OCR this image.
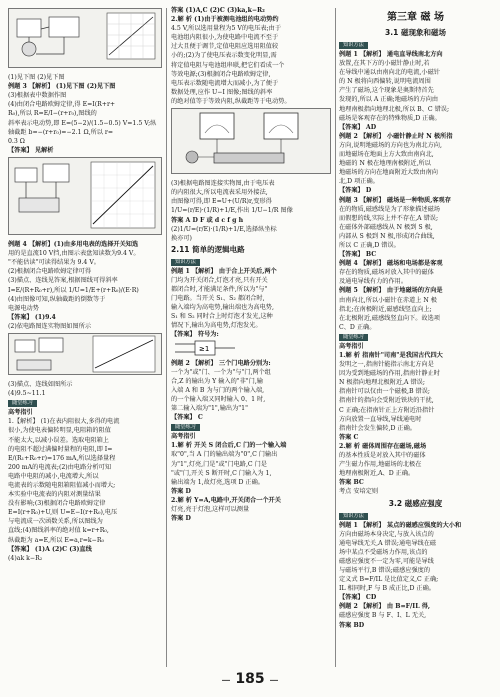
(1)见下图 (2)见下图
例题 3 【解析】 (1)见下图 (2)见下图
(3)根据表中数据作图
(4)由闭合电路欧姆定律,得 E=I(R+r+
R₀),所以 R=E/I−(r+r₀),图线的
斜率表示电动势,即 E=(5−2)/(1.5−0.5) V=1.5 V;纵
轴截距 b=−(r+r₀)=−2.1 Ω,所以 r=
0.3 Ω
【答案】 见解析
例题 4 【解析】(1)由多用电表的选择开关知选
用的是直流10 V挡,由图示表盘知读数为9.4 V。
"不能估读"可读得结果为 9.4 V。
(2)根据闭合电路欧姆定律可得
(3)描点、连线见答案,根据图线可得斜率
I≈E/(R+R₀+r),所以 1/U=1/E+(r+R₀)/(E·R)
(4)由图像可知,纵轴截距的倒数等于
电源电动势
【答案】 (1)9.4
(2)依电路图连实物图如图所示
(3)描点、连线如图所示
(4)9.5~11.1
随堂练习
高考指引
1.【解析】 (1)在表内阻很大,多得的电流
很小,为使电表偏转明显,电阻箱的阻值
不能太大,以减小误差。选取电阻箱上
的电阻不超过满偏时量程的电阻,即 I=
E/(R₁+R₀+r)=176 mA,所以选择量程
200 mA的电流表;(2)由电路分析可知
电路中电阻的减小,电流增大,所以
电流表的示数随电阻箱阻值减小而增大;
本实验中电流表的内阻对测量结果
没有影响;(3)根据闭合电路欧姆定律
E=I(r+R₀)+U,则 U=E−I(r+R₀),电压
与电流成一次函数关系,所以图线为
直线;(4)图线斜率的绝对值 k=r+R₀,
纵截距为 a=E,所以 E=a,r=k−R₀
【答案】 (1)A (2)C (3)直线
(4)ak k−R₂
答案 (1)A,C (2)C (3)ka,k−R₂
2.解 析 (1)由于被测电池组的电动势约
4.5 V,所以选用量程为5 V的电压表;由于
电池组内阻很小,为使电路中电流不至于
过大且便于调节,定值电阻应选用阻值较
小的;(2)为了使电压表示数变化明显,需
将定值电阻与电池组串联,把它们看成一个
等效电源;(3)根据闭合电路欧姆定律,
电压表示数随电流增大而减小,为了便于
数据处理,应作 U−I 图像;图线的斜率
的绝对值等于等效内阻,纵截距等于电动势。
(3)根据电路图连接实物图,由于电压表
的内阻很大,所以电流表采用外接法,
由图像可得,即 E=U+(U/R)r,变形得
1/U=(r/E)·(1/R)+1/E,作出 1/U−1/R 图像
答案 A D F 或 d c f g h
(2)1/U=(r/E)·(1/R)+1/E,选择纵坐标
换亦可)
2.11 简单的逻辑电路
知识方法
例题 1 【解析】 由于合上开关后,两个
门均为开关闭合,灯泡才亮,只有开关
都闭合时,才能满足条件,所以为"与"
门电路。当开关 S₁、S₂ 都闭合时,
输入端均为高电势,输出端也为高电势,
S₁ 和 S₂ 同时合上时灯泡才发光,这种
情况下,输出为高电势,灯泡发光。
【答案】 符号为:
≥1
例题 2 【解析】 三个门电路分别为:
一个为"或"门、一个为"与"门,两个组
合,Z 的输出为 Y 输入的"非"门,输
入端 A 和 B 为与门的两个输入端,
的一个输入端又同时输入 0、1 时,
第二输入端为"1",输出为"1"
【答案】 C
随堂练习
高考指引
1.解 析 开关 S 闭合后,C 门的一个输入端
取"0",当 A 门的输出端为"0",C 门输出
为"1",灯亮,门是"或"门电路,C 门是
"或"门,开关 S 断开时,C 门输入为 1,
输出端为 1,故灯亮,选项 D 正确。
答案 D
2.解 析 Y=A,电路中,开关闭合一个开关
灯亮,亮于灯泡,这样可以测量
答案 D
第三章 磁 场
3.1 磁现象和磁场
知识方法
例题 1 【解析】 通电直导线南北方向
放置,在其下方的小磁针静止时,若
在导线中通以由南向北的电流,小磁针
的 N 极将向西偏转,说明电流周围
产生了磁场,这个现象是奥斯特首先
发现的,所以 A 正确;地磁场的方向由
地理南极指向地理北极,所以 B、C 错误;
磁场是客观存在的特殊物质,D 正确。
【答案】 AD
例题 2 【解析】 小磁针静止时 N 极所指
方向,说明地磁场的方向也为南北方向,
而地磁场在地面上方大致由南向北,
地磁的 N 极在地理南极附近,所以
地磁场的方向在地面附近大致由南向
北,D 项正确。
【答案】 D
例题 3 【解析】 磁场是一种物质,客观存
在的物质,磁感线是为了形象描述磁场
而假想的线,实际上并不存在,A 错误;
在磁体外部磁感线从 N 极到 S 极,
内部从 S 极到 N 极,形成闭合曲线,
所以 C 正确,D 错误。
【答案】 BC
例题 4 【解析】 磁场和电场都是客观
存在的物质,磁场对放入其中的磁体
及通电导线有力的作用。
例题 5 【解析】 由于地磁场的方向是
由南向北,所以小磁针在赤道上 N 极
指北;在南极附近,磁感线竖直向上;
在北极附近,磁感线竖直向下。故选项
C、D 正确。
随堂练习
高考指引
1.解 析 指南针"司南"是我国古代四大
发明之一,指南针能指示南北方向是
因为受到地磁场的作用,指南针静止时
N 极指向地理北极附近,A 错误;
指南针可以仅由一个磁极,B 错误;
指南针的指向会受附近铁块的干扰,
C 正确;在指南针正上方附近沿指针
方向放置一直导线,导线通电时
指南针会发生偏转,D 正确。
答案 C
2.解 析 磁体周围存在磁场,磁场
的基本性质是对放入其中的磁体
产生磁力作用,地磁场的北极在
地理南极附近,A、D 正确。
答案 BC
考点 安培定则
3.2 磁感应强度
知识方法
例题 1 【解析】 某点的磁感应强度的大小和
方向由磁场本身决定,与放入该点的
通电导线无关,A 错误;通电导线在磁
场中某点不受磁场力作用,该点的
磁感应强度不一定为零,可能是导线
与磁场平行,B 错误;磁感应强度的
定义式 B=F/IL 是比值定义,C 正确;
IL 相同时,F 与 B 成正比,D 正确。
【答案】 CD
例题 2 【解析】 由 B=F/IL 得,
磁感应强度 B 与 F、I、L 无关,
答案 BD
— 185 —
